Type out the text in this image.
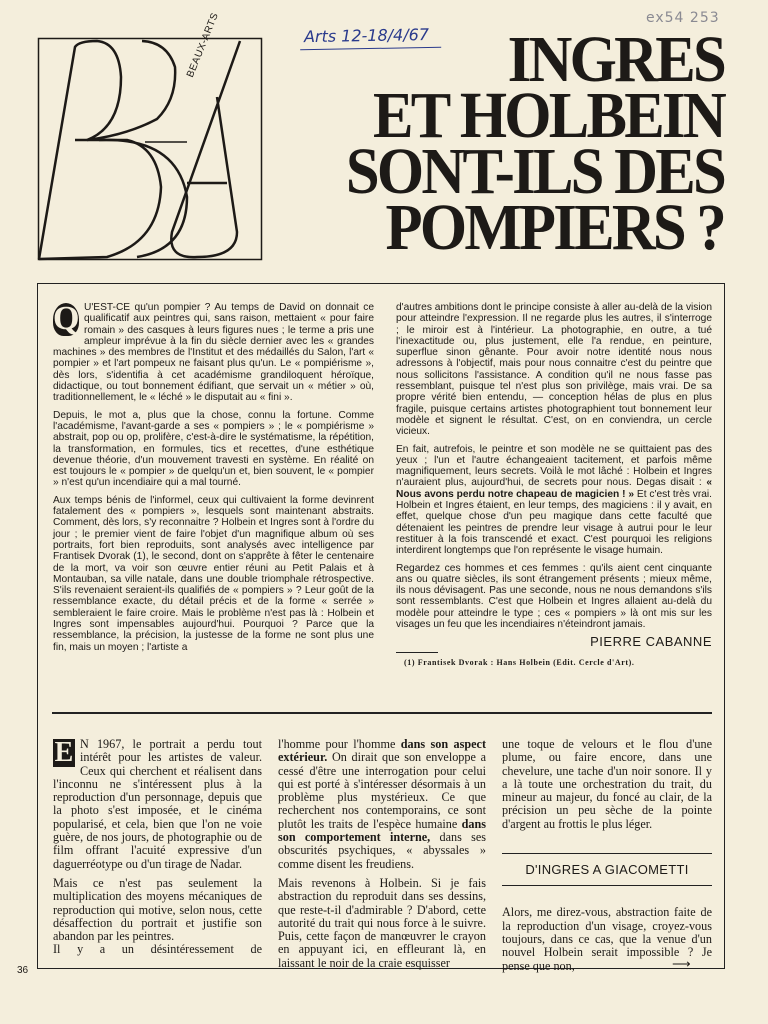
Arts 12-18/4/67
ex54 253
BEAUX-ARTS	INGRES
ET HOLBEIN
SONT-ILS DES
POMPIERS ?

Q U'EST-CE qu'un pompier ? Au temps de David on donnait ce qualificatif aux peintres qui, sans raison, mettaient « pour faire romain » des casques à leurs figures nues ; le terme a pris une ampleur imprévue à la fin du siècle dernier avec les « grandes machines » des membres de l'Institut et des médaillés du Salon, l'art « pompier » et l'art pompeux ne faisant plus qu'un. Le « pompiérisme », dès lors, s'identifia à cet académisme grandiloquent héroïque, didactique, ou tout bonnement édifiant, que servait un « métier » où, traditionnellement, le « léché » le disputait au « fini ».

Depuis, le mot a, plus que la chose, connu la fortune. Comme l'académisme, l'avant-garde a ses « pompiers » ; le « pompiérisme » abstrait, pop ou op, prolifère, c'est-à-dire le systématisme, la répétition, la transformation, en formules, tics et recettes, d'une esthétique devenue théorie, d'un mouvement travesti en système. En réalité on est toujours le « pompier » de quelqu'un et, bien souvent, le « pompier » n'est qu'un incendiaire qui a mal tourné.

Aux temps bénis de l'informel, ceux qui cultivaient la forme devinrent fatalement des « pompiers », lesquels sont maintenant abstraits. Comment, dès lors, s'y reconnaitre ? Holbein et Ingres sont à l'ordre du jour ; le premier vient de faire l'objet d'un magnifique album où ses portraits, fort bien reproduits, sont analysés avec intelligence par Frantisek Dvorak (1), le second, dont on s'apprête à fêter le centenaire de la mort, va voir son œuvre entier réuni au Petit Palais et à Montauban, sa ville natale, dans une double triomphale rétrospective. S'ils revenaient seraient-ils qualifiés de « pompiers » ? Leur goût de la ressemblance exacte, du détail précis et de la forme « serrée » sembleraient le faire croire. Mais le problème n'est pas là : Holbein et Ingres sont impensables aujourd'hui. Pourquoi ? Parce que la ressemblance, la précision, la justesse de la forme ne sont plus une fin, mais un moyen ; l'artiste a

d'autres ambitions dont le principe consiste à aller au-delà de la vision pour atteindre l'expression. Il ne regarde plus les autres, il s'interroge ; le miroir est à l'intérieur. La photographie, en outre, a tué l'inexactitude ou, plus justement, elle l'a rendue, en peinture, superflue sinon gênante. Pour avoir notre identité nous nous adressons à l'objectif, mais pour nous connaitre c'est du peintre que nous sollicitons l'assistance. A condition qu'il ne nous fasse pas ressemblant, puisque tel n'est plus son privilège, mais vrai. De sa propre vérité bien entendu, — conception hélas de plus en plus fragile, puisque certains artistes photographient tout bonnement leur modèle et signent le résultat. C'est, on en conviendra, un cercle vicieux.

En fait, autrefois, le peintre et son modèle ne se quittaient pas des yeux ; l'un et l'autre échangeaient tacitement, et parfois même magnifiquement, leurs secrets. Voilà le mot lâché : Holbein et Ingres n'auraient plus, aujourd'hui, de secrets pour nous. Degas disait : « Nous avons perdu notre chapeau de magicien ! » Et c'est très vrai. Holbein et Ingres étaient, en leur temps, des magiciens : il y avait, en effet, quelque chose d'un peu magique dans cette faculté que détenaient les peintres de prendre leur visage à autrui pour le leur restituer à la fois transcendé et exact. C'est pourquoi les religions interdirent longtemps que l'on représente le visage humain.

Regardez ces hommes et ces femmes : qu'ils aient cent cinquante ans ou quatre siècles, ils sont étrangement présents ; mieux même, ils nous dévisagent. Pas une seconde, nous ne nous demandons s'ils sont ressemblants. C'est que Holbein et Ingres allaient au-delà du modèle pour atteindre le type ; ces « pompiers » là ont mis sur les visages un feu que les incendiaires n'éteindront jamais.

PIERRE CABANNE
(1) Frantisek Dvorak : Hans Holbein (Edit. Cercle d'Art).

E N 1967, le portrait a perdu tout intérêt pour les artistes de valeur. Ceux qui cherchent et réalisent dans l'inconnu ne s'intéressent plus à la reproduction d'un personnage, depuis que la photo s'est imposée, et le cinéma popularisé, et cela, bien que l'on ne voie guère, de nos jours, de photographie ou de film offrant l'acuité expressive d'un daguerréotype ou d'un tirage de Nadar.

Mais ce n'est pas seulement la multiplication des moyens mécaniques de reproduction qui motive, selon nous, cette désaffection du portrait et justifie son abandon par les peintres.

Il y a un désintéressement de

l'homme pour l'homme dans son aspect extérieur. On dirait que son enveloppe a cessé d'être une interrogation pour celui qui est porté à s'intéresser désormais à un problème plus mystérieux. Ce que recherchent nos contemporains, ce sont plutôt les traits de l'espèce humaine dans son comportement interne, dans ses obscurités psychiques, « abyssales » comme disent les freudiens.

Mais revenons à Holbein. Si je fais abstraction du reproduit dans ses dessins, que reste-t-il d'admirable ? D'abord, cette autorité du trait qui nous force à le suivre. Puis, cette façon de manœuvrer le crayon en appuyant ici, en effleurant là, en laissant le noir de la craie esquisser

une toque de velours et le flou d'une plume, ou faire encore, dans une chevelure, une tache d'un noir sonore. Il y a là toute une orchestration du trait, du mineur au majeur, du foncé au clair, de la précision un peu sèche de la pointe d'argent au frottis le plus léger.

D'INGRES A GIACOMETTI

Alors, me direz-vous, abstraction faite de la reproduction d'un visage, croyez-vous toujours, dans ce cas, que la venue d'un nouvel Holbein serait impossible ? Je pense que non,	⟶
36
